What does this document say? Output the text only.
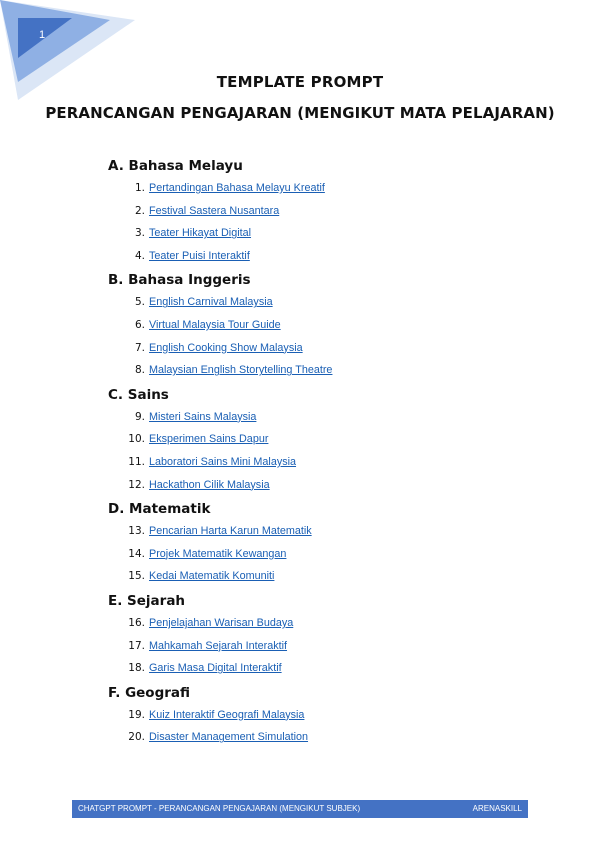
1
TEMPLATE PROMPT
PERANCANGAN PENGAJARAN (MENGIKUT MATA PELAJARAN)
A. Bahasa Melayu
1. Pertandingan Bahasa Melayu Kreatif
2. Festival Sastera Nusantara
3. Teater Hikayat Digital
4. Teater Puisi Interaktif
B. Bahasa Inggeris
5. English Carnival Malaysia
6. Virtual Malaysia Tour Guide
7. English Cooking Show Malaysia
8. Malaysian English Storytelling Theatre
C. Sains
9. Misteri Sains Malaysia
10. Eksperimen Sains Dapur
11. Laboratori Sains Mini Malaysia
12. Hackathon Cilik Malaysia
D. Matematik
13. Pencarian Harta Karun Matematik
14. Projek Matematik Kewangan
15. Kedai Matematik Komuniti
E. Sejarah
16. Penjelajahan Warisan Budaya
17. Mahkamah Sejarah Interaktif
18. Garis Masa Digital Interaktif
F. Geografi
19. Kuiz Interaktif Geografi Malaysia
20. Disaster Management Simulation
CHATGPT PROMPT - PERANCANGAN PENGAJARAN (MENGIKUT SUBJEK)	ARENASKILL
